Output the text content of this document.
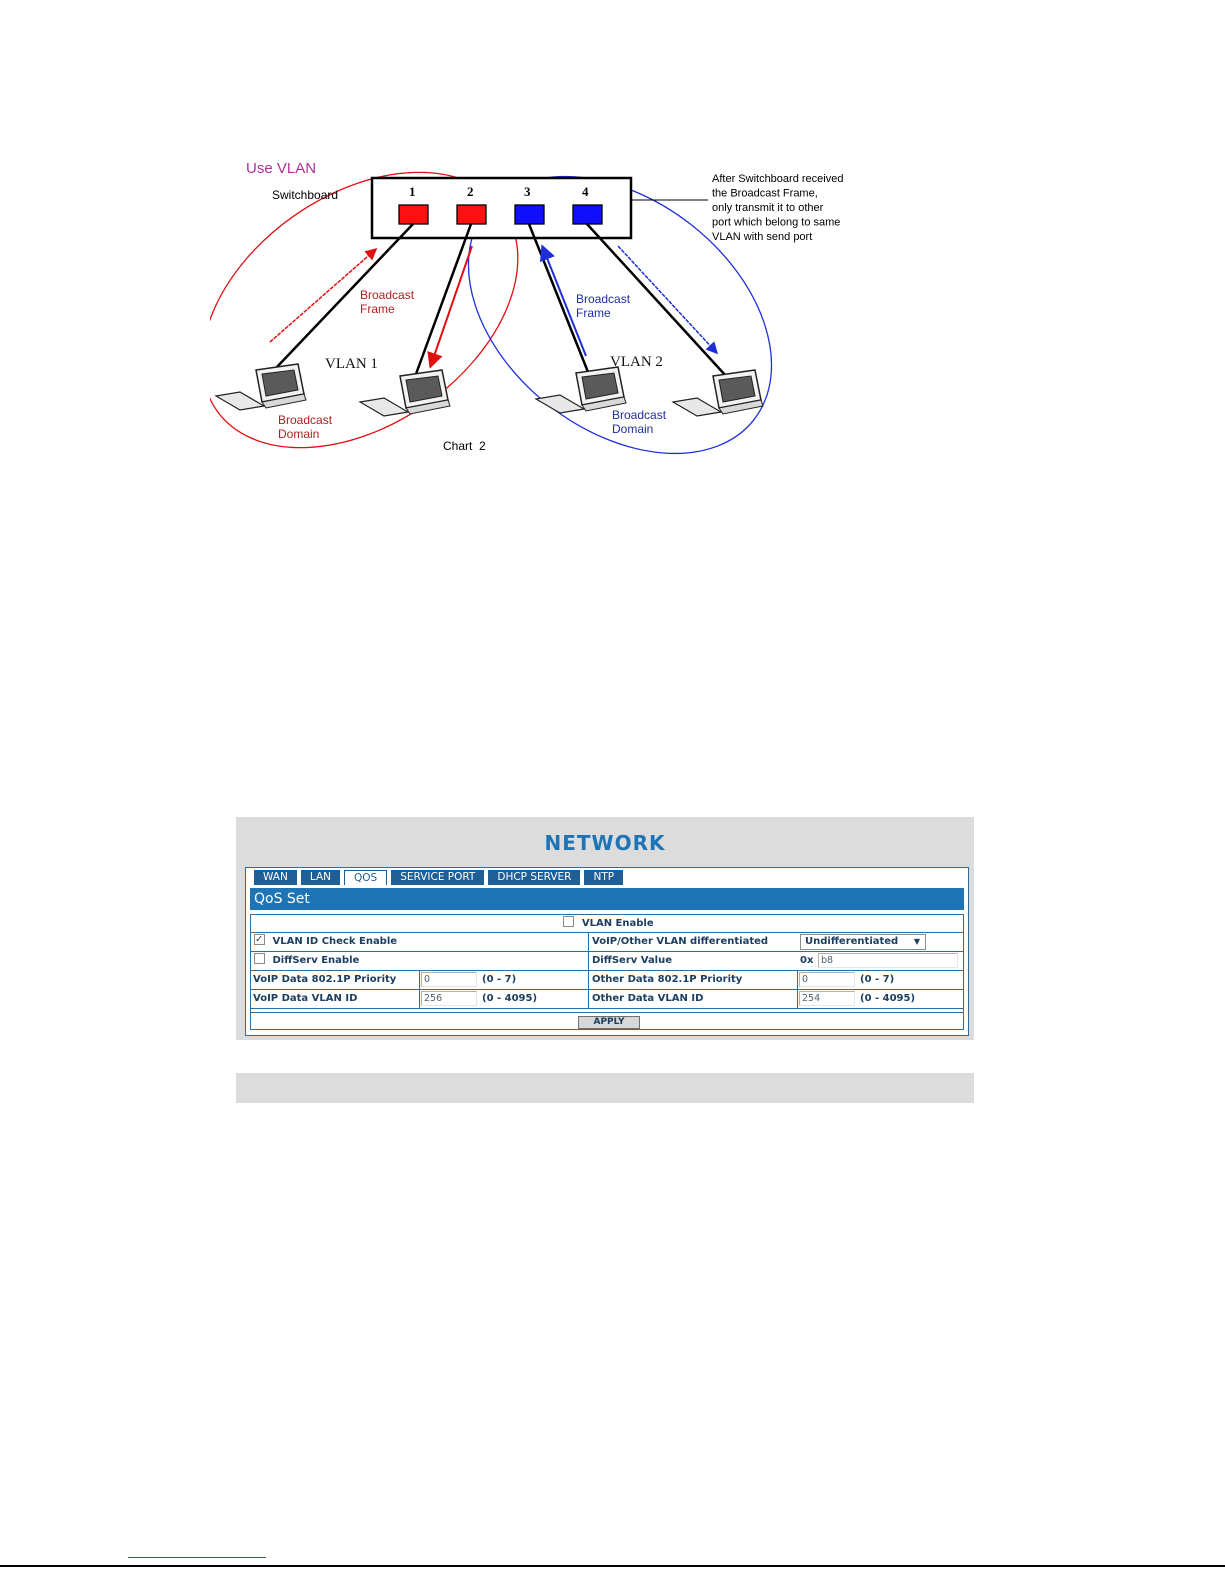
Use VLAN
Switchboard	1	2	3	4
After Switchboard received the Broadcast Frame, only transmit it to other port which belong to same VLAN with send port
Broadcast Frame
Broadcast Frame
VLAN 1	VLAN 2
Broadcast Domain
Broadcast Domain
Chart  2
NETWORK
WAN	LAN	QOS	SERVICE PORT	DHCP SERVER	NTP
QoS Set
VLAN Enable
✓ VLAN ID Check Enable	VoIP/Other VLAN differentiated	Undifferentiated ▼
DiffServ Enable	DiffServ Value	0x b8
VoIP Data 802.1P Priority	0	(0 - 7)	Other Data 802.1P Priority	0	(0 - 7)
VoIP Data VLAN ID	256	(0 - 4095)	Other Data VLAN ID	254	(0 - 4095)
APPLY
